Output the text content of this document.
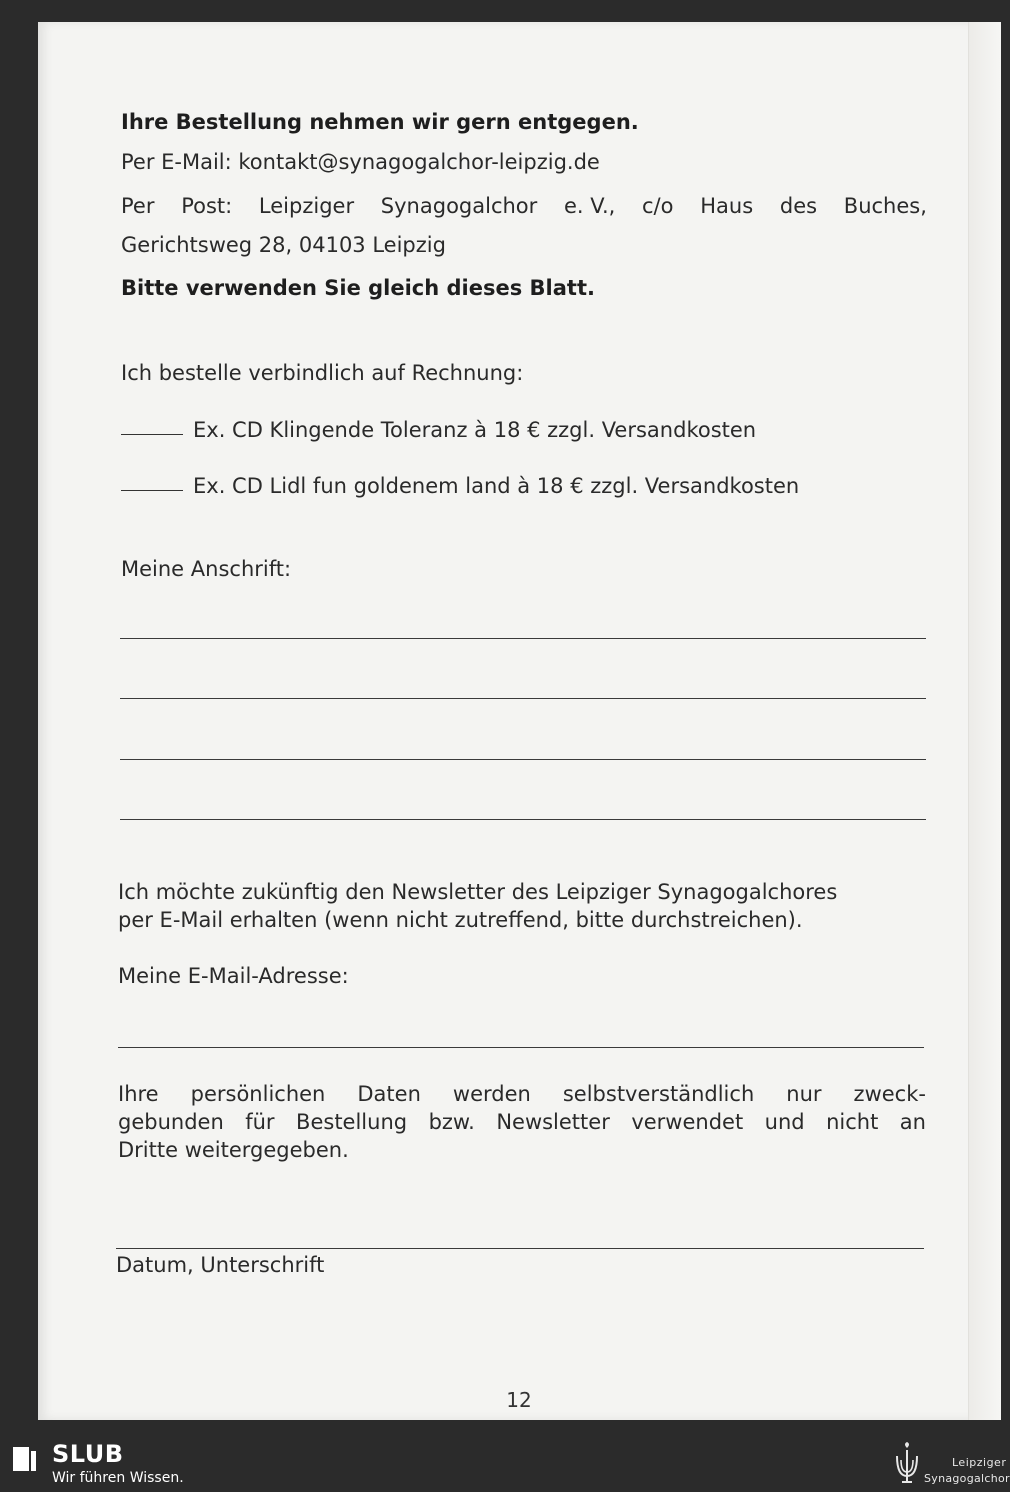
Ihre Bestellung nehmen wir gern entgegen.
Per E-Mail: kontakt@synagogalchor-leipzig.de
Per Post: Leipziger Synagogalchor e. V., c/o Haus des Buches,
Gerichtsweg 28, 04103 Leipzig
Bitte verwenden Sie gleich dieses Blatt.
Ich bestelle verbindlich auf Rechnung:
Ex. CD Klingende Toleranz à 18 € zzgl. Versandkosten
Ex. CD Lidl fun goldenem land à 18 € zzgl. Versandkosten
Meine Anschrift:
Ich möchte zukünftig den Newsletter des Leipziger Synagogalchores
per E-Mail erhalten (wenn nicht zutreffend, bitte durchstreichen).
Meine E-Mail-Adresse:
Ihre persönlichen Daten werden selbstverständlich nur zweck-
gebunden für Bestellung bzw. Newsletter verwendet und nicht an
Dritte weitergegeben.
Datum, Unterschrift
12
SLUB
Wir führen Wissen.
Leipziger
Synagogalchor
